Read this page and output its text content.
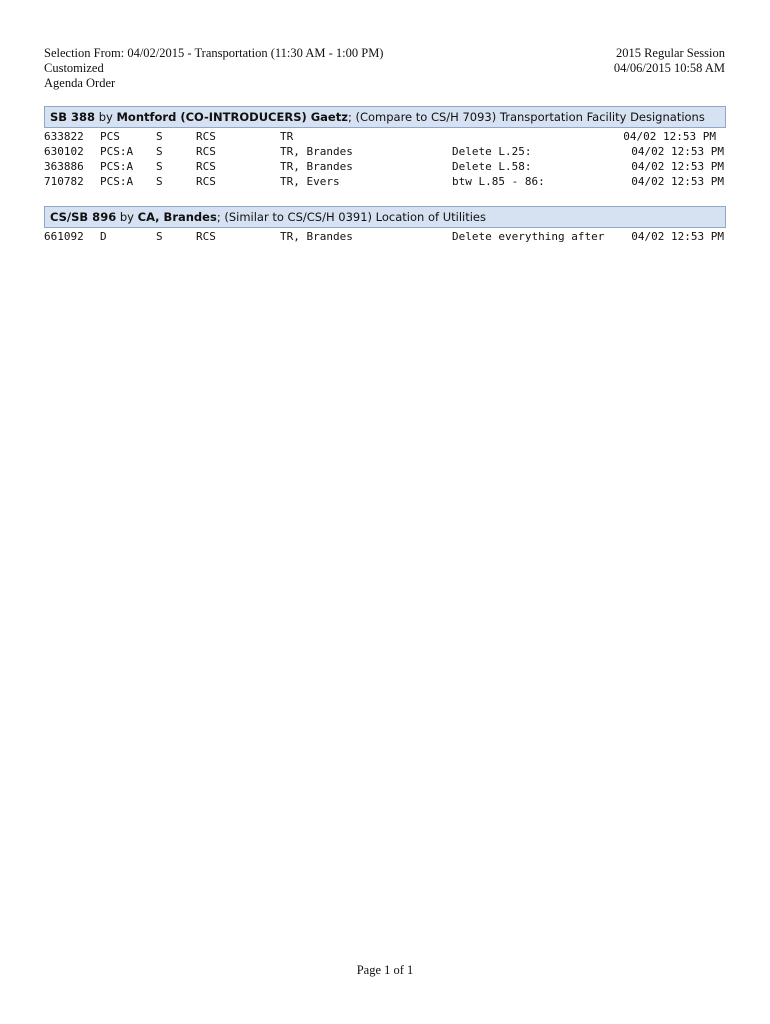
Selection From: 04/02/2015 - Transportation (11:30 AM - 1:00 PM)
Customized
Agenda Order
2015 Regular Session
04/06/2015 10:58 AM
SB 388 by Montford (CO-INTRODUCERS) Gaetz; (Compare to CS/H 7093) Transportation Facility Designations
633822 PCS	S	RCS	TR	04/02 12:53 PM
630102 PCS:A S	RCS	TR, Brandes	Delete L.25:	04/02 12:53 PM
363886 PCS:A S	RCS	TR, Brandes	Delete L.58:	04/02 12:53 PM
710782 PCS:A S	RCS	TR, Evers	btw L.85 - 86:	04/02 12:53 PM
CS/SB 896 by CA, Brandes; (Similar to CS/CS/H 0391) Location of Utilities
661092 D	S	RCS	TR, Brandes	Delete everything after 04/02 12:53 PM
Page 1 of 1
